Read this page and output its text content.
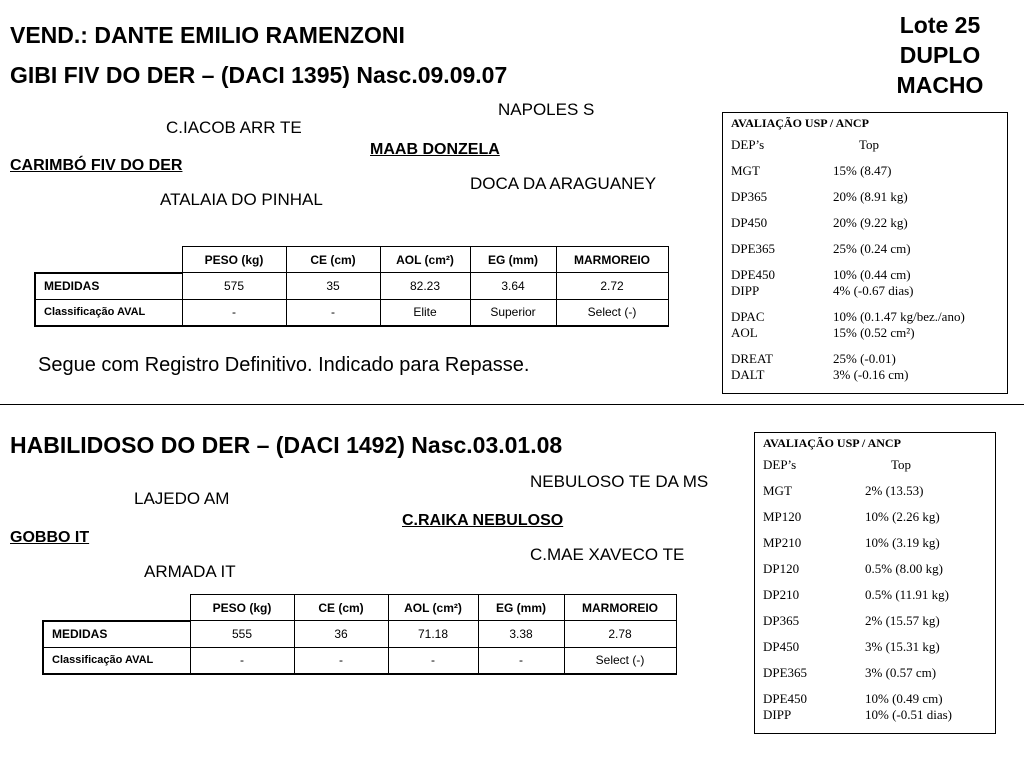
VEND.: DANTE EMILIO RAMENZONI	Lote 25
DUPLO
MACHO
GIBI FIV DO DER – (DACI 1395) Nasc.09.09.07
NAPOLES S
C.IACOB ARR TE
MAAB DONZELA
CARIMBÓ FIV DO DER
DOCA DA ARAGUANEY
ATALAIA DO PINHAL
	PESO (kg)	CE (cm)	AOL (cm²)	EG (mm)	MARMOREIO
MEDIDAS	575	35	82.23	3.64	2.72
Classificação AVAL	-	-	Elite	Superior	Select (-)
Segue com Registro Definitivo. Indicado para Repasse.
AVALIAÇÃO USP / ANCP
DEP’s	Top
MGT	15% (8.47)
DP365	20% (8.91 kg)
DP450	20% (9.22 kg)
DPE365	25% (0.24 cm)
DPE450	10% (0.44 cm)
DIPP	4% (-0.67 dias)
DPAC	10% (0.1.47 kg/bez./ano)
AOL	15% (0.52 cm²)
DREAT	25% (-0.01)
DALT	3% (-0.16 cm)
HABILIDOSO DO DER – (DACI 1492) Nasc.03.01.08
NEBULOSO TE DA MS
LAJEDO AM
C.RAIKA NEBULOSO
GOBBO IT
C.MAE XAVECO TE
ARMADA IT
	PESO (kg)	CE (cm)	AOL (cm²)	EG (mm)	MARMOREIO
MEDIDAS	555	36	71.18	3.38	2.78
Classificação AVAL	-	-	-	-	Select (-)
AVALIAÇÃO USP / ANCP
DEP’s	Top
MGT	2% (13.53)
MP120	10% (2.26 kg)
MP210	10% (3.19 kg)
DP120	0.5% (8.00 kg)
DP210	0.5% (11.91 kg)
DP365	2% (15.57 kg)
DP450	3% (15.31 kg)
DPE365	3% (0.57 cm)
DPE450	10% (0.49 cm)
DIPP	10% (-0.51 dias)
